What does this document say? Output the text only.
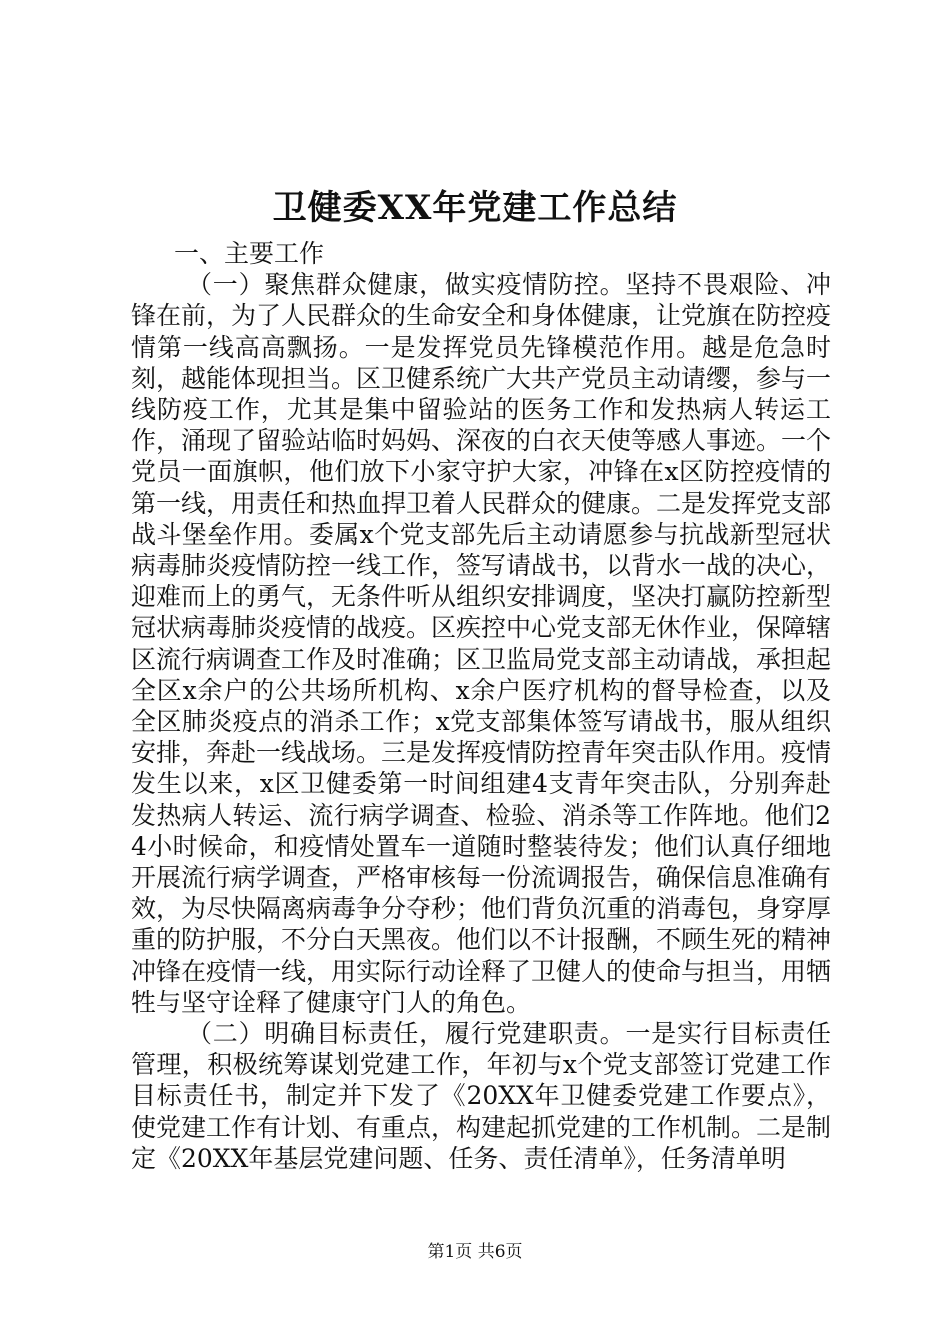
卫健委XX年党建工作总结

一、主要工作

（一）聚焦群众健康，做实疫情防控。坚持不畏艰险、冲锋在前，为了人民群众的生命安全和身体健康，让党旗在防控疫情第一线高高飘扬。一是发挥党员先锋模范作用。越是危急时刻，越能体现担当。区卫健系统广大共产党员主动请缨，参与一线防疫工作，尤其是集中留验站的医务工作和发热病人转运工作，涌现了留验站临时妈妈、深夜的白衣天使等感人事迹。一个党员一面旗帜，他们放下小家守护大家，冲锋在x区防控疫情的第一线，用责任和热血捍卫着人民群众的健康。二是发挥党支部战斗堡垒作用。委属x个党支部先后主动请愿参与抗战新型冠状病毒肺炎疫情防控一线工作，签写请战书，以背水一战的决心，迎难而上的勇气，无条件听从组织安排调度，坚决打赢防控新型冠状病毒肺炎疫情的战疫。区疾控中心党支部无休作业，保障辖区流行病调查工作及时准确；区卫监局党支部主动请战，承担起全区x余户的公共场所机构、x余户医疗机构的督导检查，以及全区肺炎疫点的消杀工作；x党支部集体签写请战书，服从组织安排，奔赴一线战场。三是发挥疫情防控青年突击队作用。疫情发生以来，x区卫健委第一时间组建4支青年突击队，分别奔赴发热病人转运、流行病学调查、检验、消杀等工作阵地。他们24小时候命，和疫情处置车一道随时整装待发；他们认真仔细地开展流行病学调查，严格审核每一份流调报告，确保信息准确有效，为尽快隔离病毒争分夺秒；他们背负沉重的消毒包，身穿厚重的防护服，不分白天黑夜。他们以不计报酬，不顾生死的精神冲锋在疫情一线，用实际行动诠释了卫健人的使命与担当，用牺牲与坚守诠释了健康守门人的角色。

（二）明确目标责任，履行党建职责。一是实行目标责任管理，积极统筹谋划党建工作，年初与x个党支部签订党建工作目标责任书，制定并下发了《20XX年卫健委党建工作要点》，使党建工作有计划、有重点，构建起抓党建的工作机制。二是制定《20XX年基层党建问题、任务、责任清单》，任务清单明

第1页 共6页
